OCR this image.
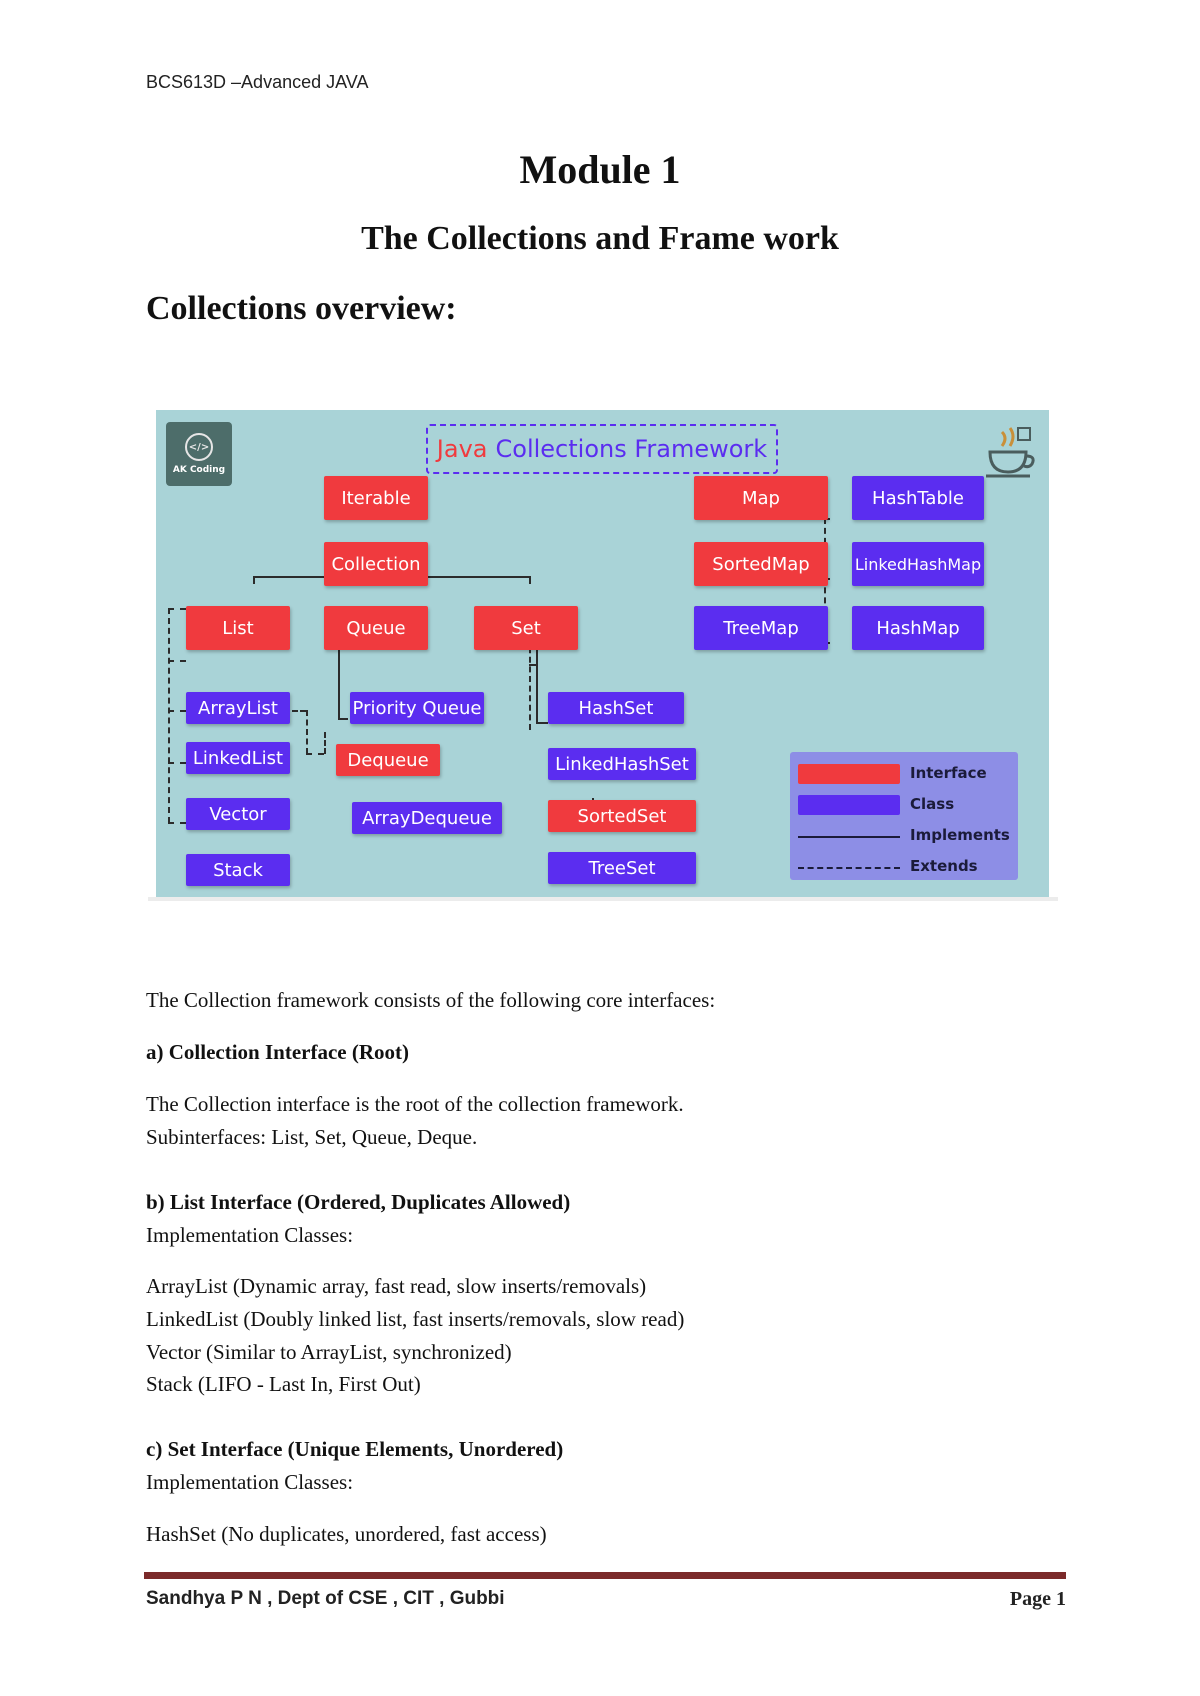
BCS613D –Advanced JAVA
Module 1
The Collections and Frame work
Collections overview:
</>
AK Coding
Java Collections Framework
Iterable
Collection
List	Queue	Set
Map
SortedMap
Dequeue
SortedSet
TreeMap
HashTable
LinkedHashMap
HashMap
ArrayList
LinkedList
Vector
Stack
Priority Queue
ArrayDequeue
HashSet
LinkedHashSet
TreeSet
Interface
Class
Implements
Extends
The Collection framework consists of the following core interfaces:
a) Collection Interface (Root)
The Collection interface is the root of the collection framework.
Subinterfaces: List, Set, Queue, Deque.
b) List Interface (Ordered, Duplicates Allowed)
Implementation Classes:
ArrayList (Dynamic array, fast read, slow inserts/removals)
LinkedList (Doubly linked list, fast inserts/removals, slow read)
Vector (Similar to ArrayList, synchronized)
Stack (LIFO - Last In, First Out)
c) Set Interface (Unique Elements, Unordered)
Implementation Classes:
HashSet (No duplicates, unordered, fast access)
Sandhya P N , Dept of CSE , CIT , Gubbi	Page 1
